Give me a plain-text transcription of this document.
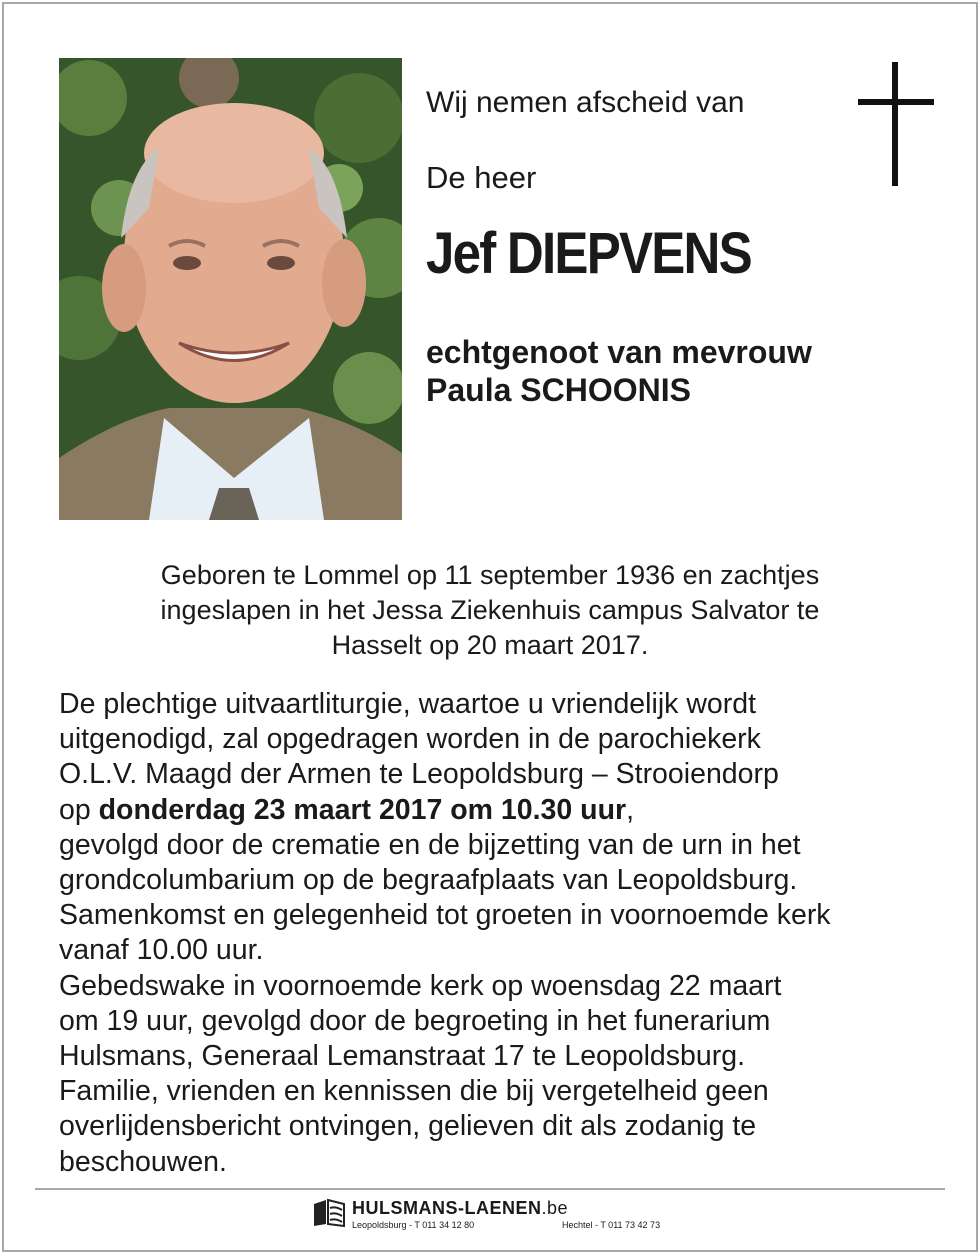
Wij nemen afscheid van
De heer
Jef DIEPVENS
echtgenoot van mevrouw
Paula SCHOONIS
Geboren te Lommel op 11 september 1936 en zachtjes
ingeslapen in het Jessa Ziekenhuis campus Salvator te
Hasselt op 20 maart 2017.
De plechtige uitvaartliturgie, waartoe u vriendelijk wordt
uitgenodigd, zal opgedragen worden in de parochiekerk
O.L.V. Maagd der Armen te Leopoldsburg – Strooiendorp
op donderdag 23 maart 2017 om 10.30 uur,
gevolgd door de crematie en de bijzetting van de urn in het
grondcolumbarium op de begraafplaats van Leopoldsburg.
Samenkomst en gelegenheid tot groeten in voornoemde kerk
vanaf 10.00 uur.
Gebedswake in voornoemde kerk op woensdag 22 maart
om 19 uur, gevolgd door de begroeting in het funerarium
Hulsmans, Generaal Lemanstraat 17 te Leopoldsburg.
Familie, vrienden en kennissen die bij vergetelheid geen
overlijdensbericht ontvingen, gelieven dit als zodanig te
beschouwen.
HULSMANS-LAENEN.be
Leopoldsburg - T 011 34 12 80	Hechtel - T 011 73 42 73
